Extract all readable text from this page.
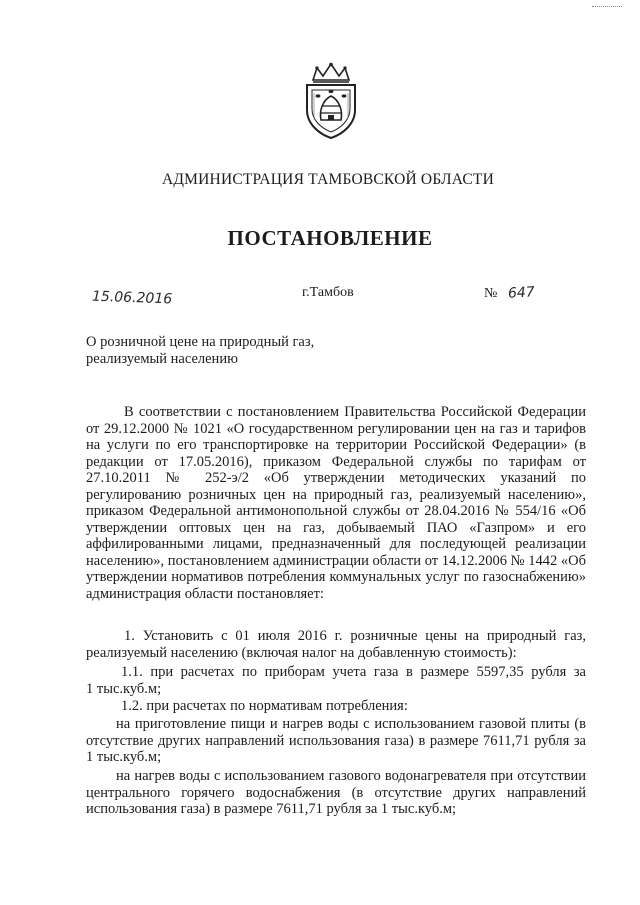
АДМИНИСТРАЦИЯ ТАМБОВСКОЙ ОБЛАСТИ
ПОСТАНОВЛЕНИЕ
15.06.2016	г.Тамбов	№ 647
О розничной цене на природный газ,
реализуемый населению
В соответствии с постановлением Правительства Российской Федерации
от 29.12.2000 № 1021 «О государственном регулировании цен на газ и тарифов
на услуги по его транспортировке на территории Российской Федерации» (в
редакции от 17.05.2016), приказом Федеральной службы по тарифам от
27.10.2011 № 252-э/2 «Об утверждении методических указаний по
регулированию розничных цен на природный газ, реализуемый населению»,
приказом Федеральной антимонопольной службы от 28.04.2016 № 554/16 «Об
утверждении оптовых цен на газ, добываемый ПАО «Газпром» и его
аффилированными лицами, предназначенный для последующей реализации
населению», постановлением администрации области от 14.12.2006 № 1442 «Об
утверждении нормативов потребления коммунальных услуг по газоснабжению»
администрация области постановляет:
1. Установить с 01 июля 2016 г. розничные цены на природный газ,
реализуемый населению (включая налог на добавленную стоимость):
1.1. при расчетах по приборам учета газа в размере 5597,35 рубля за
1 тыс.куб.м;
1.2. при расчетах по нормативам потребления:
на приготовление пищи и нагрев воды с использованием газовой плиты (в
отсутствие других направлений использования газа) в размере 7611,71 рубля за
1 тыс.куб.м;
на нагрев воды с использованием газового водонагревателя при отсутствии
центрального горячего водоснабжения (в отсутствие других направлений
использования газа) в размере 7611,71 рубля за 1 тыс.куб.м;
